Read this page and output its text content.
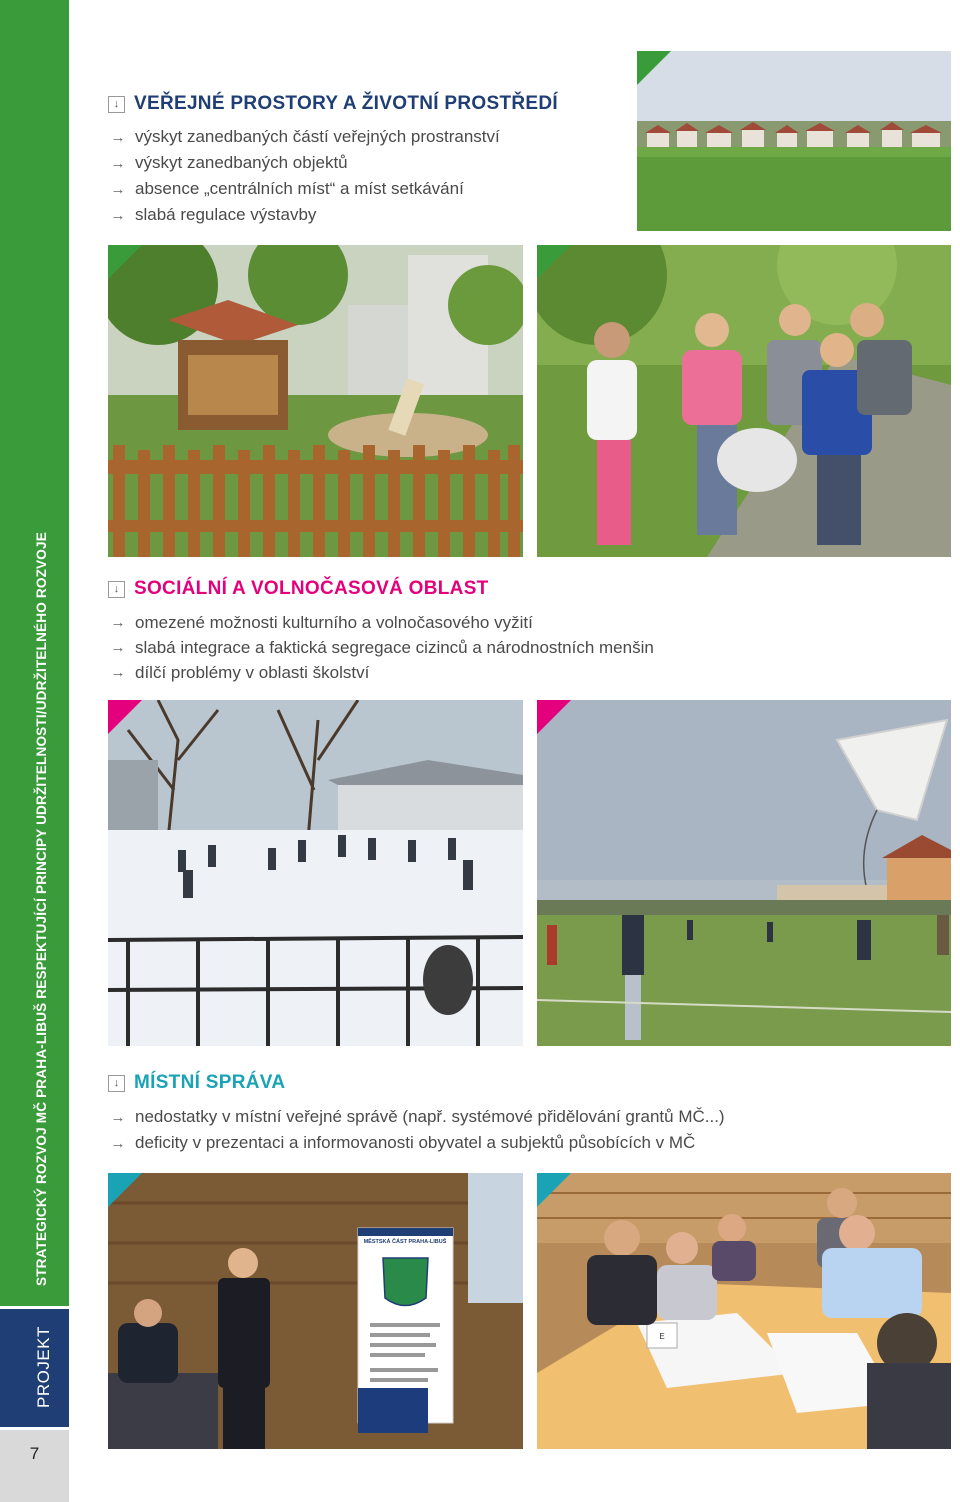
STRATEGICKÝ ROZVOJ MČ PRAHA-LIBUŠ RESPEKTUJÍCÍ PRINCIPY UDRŽITELNOSTI/UDRŽITELNÉHO ROZVOJE
PROJEKT
7
↓ VEŘEJNÉ PROSTORY A ŽIVOTNÍ PROSTŘEDÍ
→ výskyt zanedbaných částí veřejných prostranství
→ výskyt zanedbaných objektů
→ absence „centrálních míst“ a míst setkávání
→ slabá regulace výstavby
↓ SOCIÁLNÍ A VOLNOČASOVÁ OBLAST
→ omezené možnosti kulturního a volnočasového vyžití
→ slabá integrace a faktická segregace cizinců a národnostních menšin
→ dílčí problémy v oblasti školství
↓ MÍSTNÍ SPRÁVA
→ nedostatky v místní veřejné správě (např. systémové přidělování grantů MČ...)
→ deficity v prezentaci a informovanosti obyvatel a subjektů působících v MČ
MĚSTSKÁ ČÁST PRAHA-LIBUŠ
E
